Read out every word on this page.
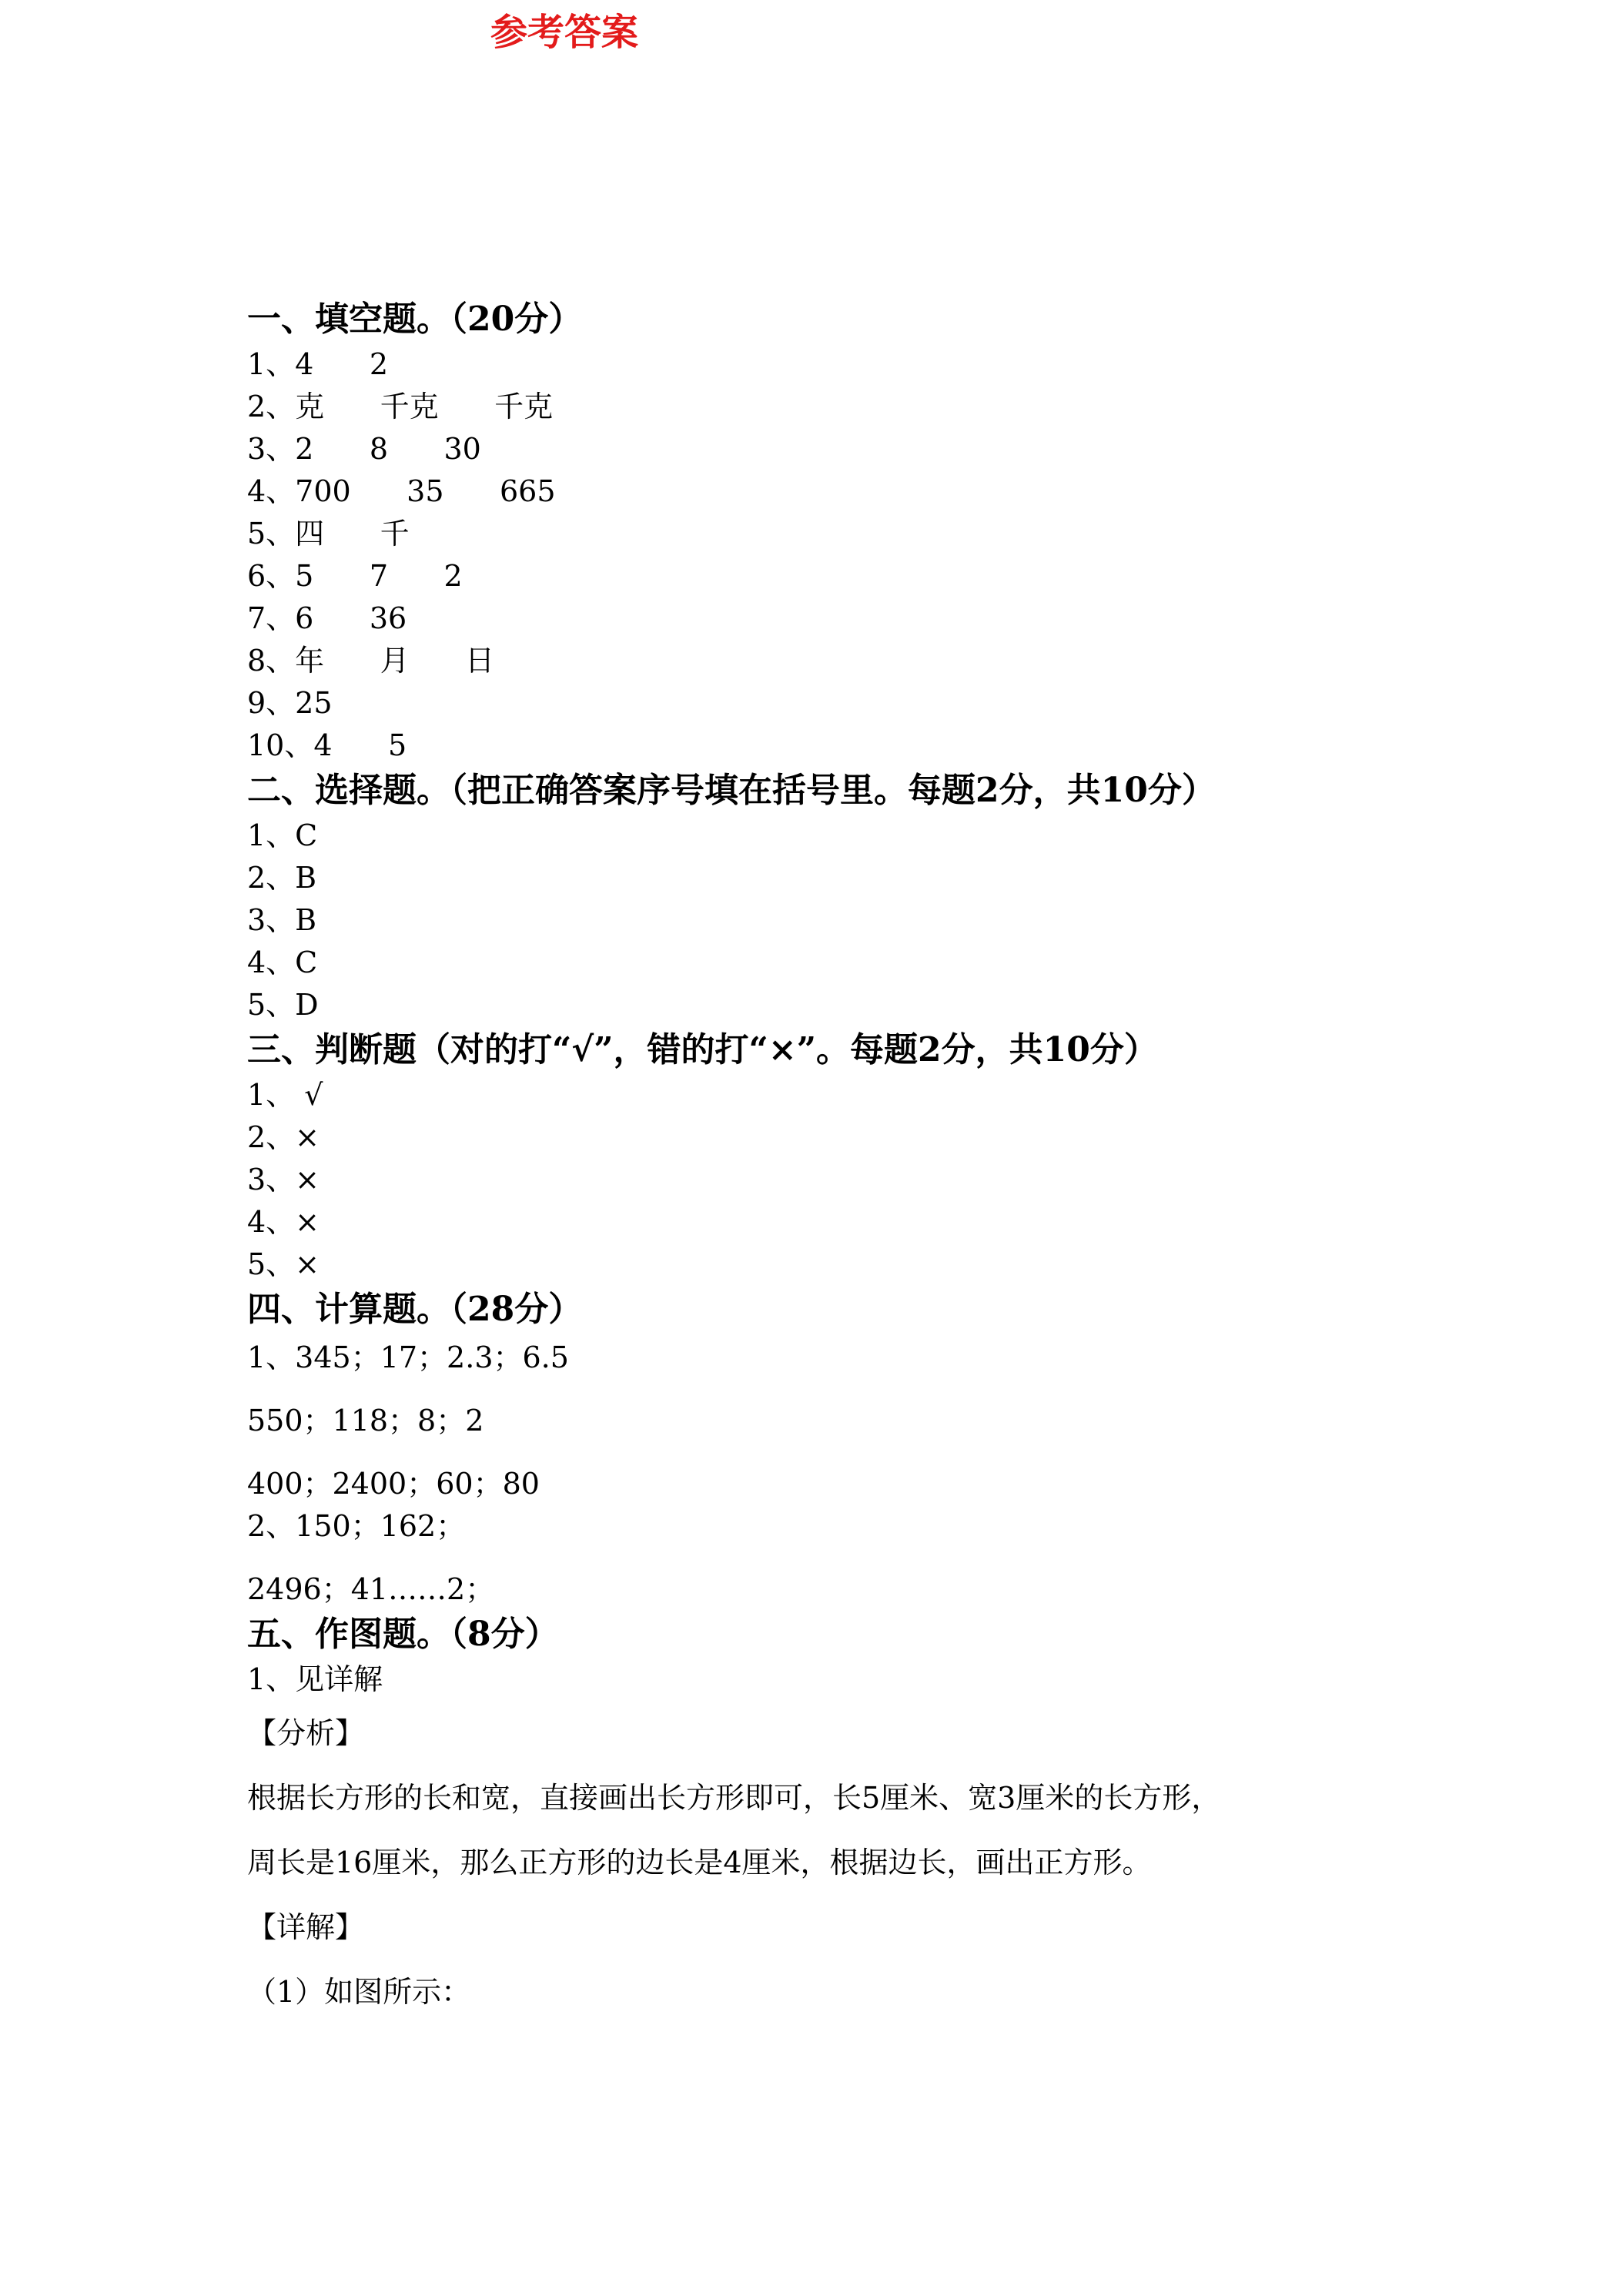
参考答案
一、填空题。（20分）
1、4      2
2、克      千克      千克
3、2      8      30
4、700      35      665
5、四      千
6、5      7      2
7、6      36
8、年      月      日
9、25
10、4      5
二、选择题。（把正确答案序号填在括号里。每题2分，共10分）
1、C
2、B
3、B
4、C
5、D
三、判断题（对的打“√”，错的打“×”。每题2分，共10分）
1、 √
2、×
3、×
4、×
5、×
四、计算题。（28分）
1、345；17；2.3；6.5
550；118；8；2
400；2400；60；80
2、150；162；
2496；41……2；
五、作图题。（8分）
1、见详解
【分析】
根据长方形的长和宽，直接画出长方形即可，长5厘米、宽3厘米的长方形，
周长是16厘米，那么正方形的边长是4厘米，根据边长，画出正方形。
【详解】
（1）如图所示：
